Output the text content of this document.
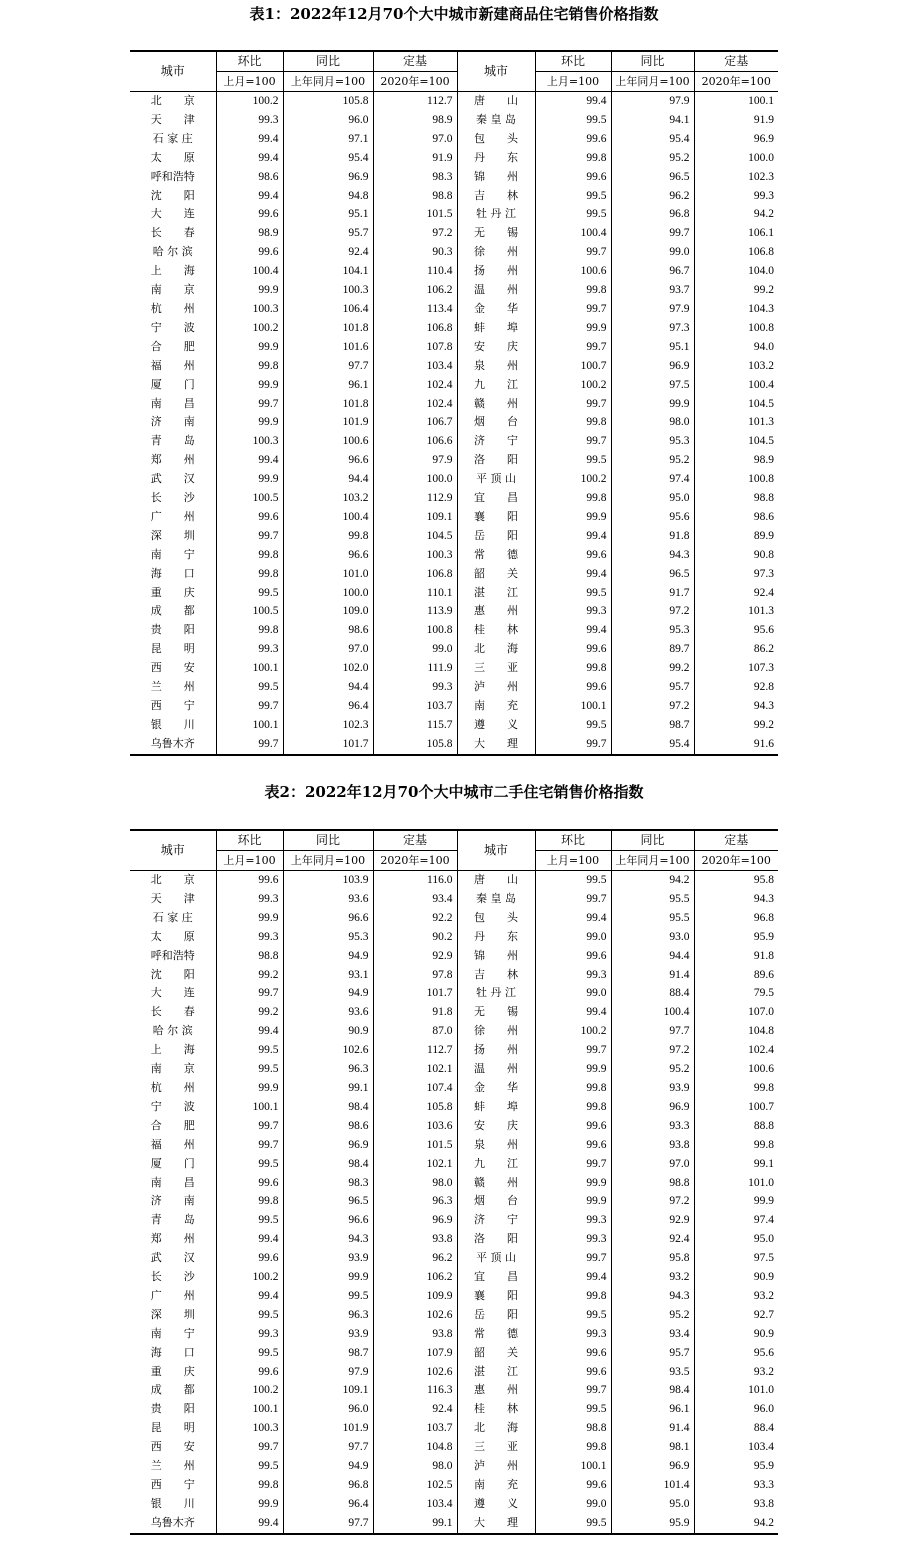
表1：2022年12月70个大中城市新建商品住宅销售价格指数
城市	环比	同比	定基	城市	环比	同比	定基
	上月=100	上年同月=100	2020年=100		上月=100	上年同月=100	2020年=100
北　　京	100.2	105.8	112.7	唐　　山	99.4	97.9	100.1
天　　津	99.3	96.0	98.9	秦 皇 岛	99.5	94.1	91.9
石 家 庄	99.4	97.1	97.0	包　　头	99.6	95.4	96.9
太　　原	99.4	95.4	91.9	丹　　东	99.8	95.2	100.0
呼和浩特	98.6	96.9	98.3	锦　　州	99.6	96.5	102.3
沈　　阳	99.4	94.8	98.8	吉　　林	99.5	96.2	99.3
大　　连	99.6	95.1	101.5	牡 丹 江	99.5	96.8	94.2
长　　春	98.9	95.7	97.2	无　　锡	100.4	99.7	106.1
哈 尔 滨	99.6	92.4	90.3	徐　　州	99.7	99.0	106.8
上　　海	100.4	104.1	110.4	扬　　州	100.6	96.7	104.0
南　　京	99.9	100.3	106.2	温　　州	99.8	93.7	99.2
杭　　州	100.3	106.4	113.4	金　　华	99.7	97.9	104.3
宁　　波	100.2	101.8	106.8	蚌　　埠	99.9	97.3	100.8
合　　肥	99.9	101.6	107.8	安　　庆	99.7	95.1	94.0
福　　州	99.8	97.7	103.4	泉　　州	100.7	96.9	103.2
厦　　门	99.9	96.1	102.4	九　　江	100.2	97.5	100.4
南　　昌	99.7	101.8	102.4	赣　　州	99.7	99.9	104.5
济　　南	99.9	101.9	106.7	烟　　台	99.8	98.0	101.3
青　　岛	100.3	100.6	106.6	济　　宁	99.7	95.3	104.5
郑　　州	99.4	96.6	97.9	洛　　阳	99.5	95.2	98.9
武　　汉	99.9	94.4	100.0	平 顶 山	100.2	97.4	100.8
长　　沙	100.5	103.2	112.9	宜　　昌	99.8	95.0	98.8
广　　州	99.6	100.4	109.1	襄　　阳	99.9	95.6	98.6
深　　圳	99.7	99.8	104.5	岳　　阳	99.4	91.8	89.9
南　　宁	99.8	96.6	100.3	常　　德	99.6	94.3	90.8
海　　口	99.8	101.0	106.8	韶　　关	99.4	96.5	97.3
重　　庆	99.5	100.0	110.1	湛　　江	99.5	91.7	92.4
成　　都	100.5	109.0	113.9	惠　　州	99.3	97.2	101.3
贵　　阳	99.8	98.6	100.8	桂　　林	99.4	95.3	95.6
昆　　明	99.3	97.0	99.0	北　　海	99.6	89.7	86.2
西　　安	100.1	102.0	111.9	三　　亚	99.8	99.2	107.3
兰　　州	99.5	94.4	99.3	泸　　州	99.6	95.7	92.8
西　　宁	99.7	96.4	103.7	南　　充	100.1	97.2	94.3
银　　川	100.1	102.3	115.7	遵　　义	99.5	98.7	99.2
乌鲁木齐	99.7	101.7	105.8	大　　理	99.7	95.4	91.6
表2：2022年12月70个大中城市二手住宅销售价格指数
城市	环比	同比	定基	城市	环比	同比	定基
	上月=100	上年同月=100	2020年=100		上月=100	上年同月=100	2020年=100
北　　京	99.6	103.9	116.0	唐　　山	99.5	94.2	95.8
天　　津	99.3	93.6	93.4	秦 皇 岛	99.7	95.5	94.3
石 家 庄	99.9	96.6	92.2	包　　头	99.4	95.5	96.8
太　　原	99.3	95.3	90.2	丹　　东	99.0	93.0	95.9
呼和浩特	98.8	94.9	92.9	锦　　州	99.6	94.4	91.8
沈　　阳	99.2	93.1	97.8	吉　　林	99.3	91.4	89.6
大　　连	99.7	94.9	101.7	牡 丹 江	99.0	88.4	79.5
长　　春	99.2	93.6	91.8	无　　锡	99.4	100.4	107.0
哈 尔 滨	99.4	90.9	87.0	徐　　州	100.2	97.7	104.8
上　　海	99.5	102.6	112.7	扬　　州	99.7	97.2	102.4
南　　京	99.5	96.3	102.1	温　　州	99.9	95.2	100.6
杭　　州	99.9	99.1	107.4	金　　华	99.8	93.9	99.8
宁　　波	100.1	98.4	105.8	蚌　　埠	99.8	96.9	100.7
合　　肥	99.7	98.6	103.6	安　　庆	99.6	93.3	88.8
福　　州	99.7	96.9	101.5	泉　　州	99.6	93.8	99.8
厦　　门	99.5	98.4	102.1	九　　江	99.7	97.0	99.1
南　　昌	99.6	98.3	98.0	赣　　州	99.9	98.8	101.0
济　　南	99.8	96.5	96.3	烟　　台	99.9	97.2	99.9
青　　岛	99.5	96.6	96.9	济　　宁	99.3	92.9	97.4
郑　　州	99.4	94.3	93.8	洛　　阳	99.3	92.4	95.0
武　　汉	99.6	93.9	96.2	平 顶 山	99.7	95.8	97.5
长　　沙	100.2	99.9	106.2	宜　　昌	99.4	93.2	90.9
广　　州	99.4	99.5	109.9	襄　　阳	99.8	94.3	93.2
深　　圳	99.5	96.3	102.6	岳　　阳	99.5	95.2	92.7
南　　宁	99.3	93.9	93.8	常　　德	99.3	93.4	90.9
海　　口	99.5	98.7	107.9	韶　　关	99.6	95.7	95.6
重　　庆	99.6	97.9	102.6	湛　　江	99.6	93.5	93.2
成　　都	100.2	109.1	116.3	惠　　州	99.7	98.4	101.0
贵　　阳	100.1	96.0	92.4	桂　　林	99.5	96.1	96.0
昆　　明	100.3	101.9	103.7	北　　海	98.8	91.4	88.4
西　　安	99.7	97.7	104.8	三　　亚	99.8	98.1	103.4
兰　　州	99.5	94.9	98.0	泸　　州	100.1	96.9	95.9
西　　宁	99.8	96.8	102.5	南　　充	99.6	101.4	93.3
银　　川	99.9	96.4	103.4	遵　　义	99.0	95.0	93.8
乌鲁木齐	99.4	97.7	99.1	大　　理	99.5	95.9	94.2
